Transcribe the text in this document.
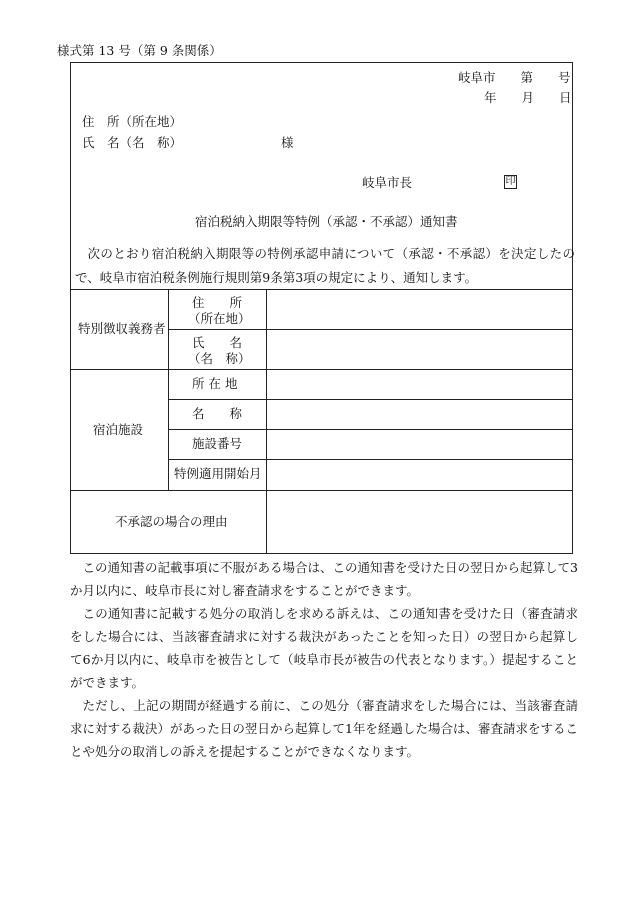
様式第 13 号（第 9 条関係）
岐阜市　　第　　号
年　　月　　日
住　所（所在地）
氏　名（名　称）	様
岐阜市長	印
宿泊税納入期限等特例（承認・不承認）通知書
次のとおり宿泊税納入期限等の特例承認申請について（承認・不承認）を決定したので、岐阜市宿泊税条例施行規則第9条第3項の規定により、通知します。
特別徴収義務者
住　　所
（所在地）
氏　　名
（名　称）
宿泊施設
所 在 地
名　　称
施設番号
特例適用開始月
不承認の場合の理由

この通知書の記載事項に不服がある場合は、この通知書を受けた日の翌日から起算して3か月以内に、岐阜市長に対し審査請求をすることができます。

この通知書に記載する処分の取消しを求める訴えは、この通知書を受けた日（審査請求をした場合には、当該審査請求に対する裁決があったことを知った日）の翌日から起算して6か月以内に、岐阜市を被告として（岐阜市長が被告の代表となります。）提起することができます。

ただし、上記の期間が経過する前に、この処分（審査請求をした場合には、当該審査請求に対する裁決）があった日の翌日から起算して1年を経過した場合は、審査請求をすることや処分の取消しの訴えを提起することができなくなります。
